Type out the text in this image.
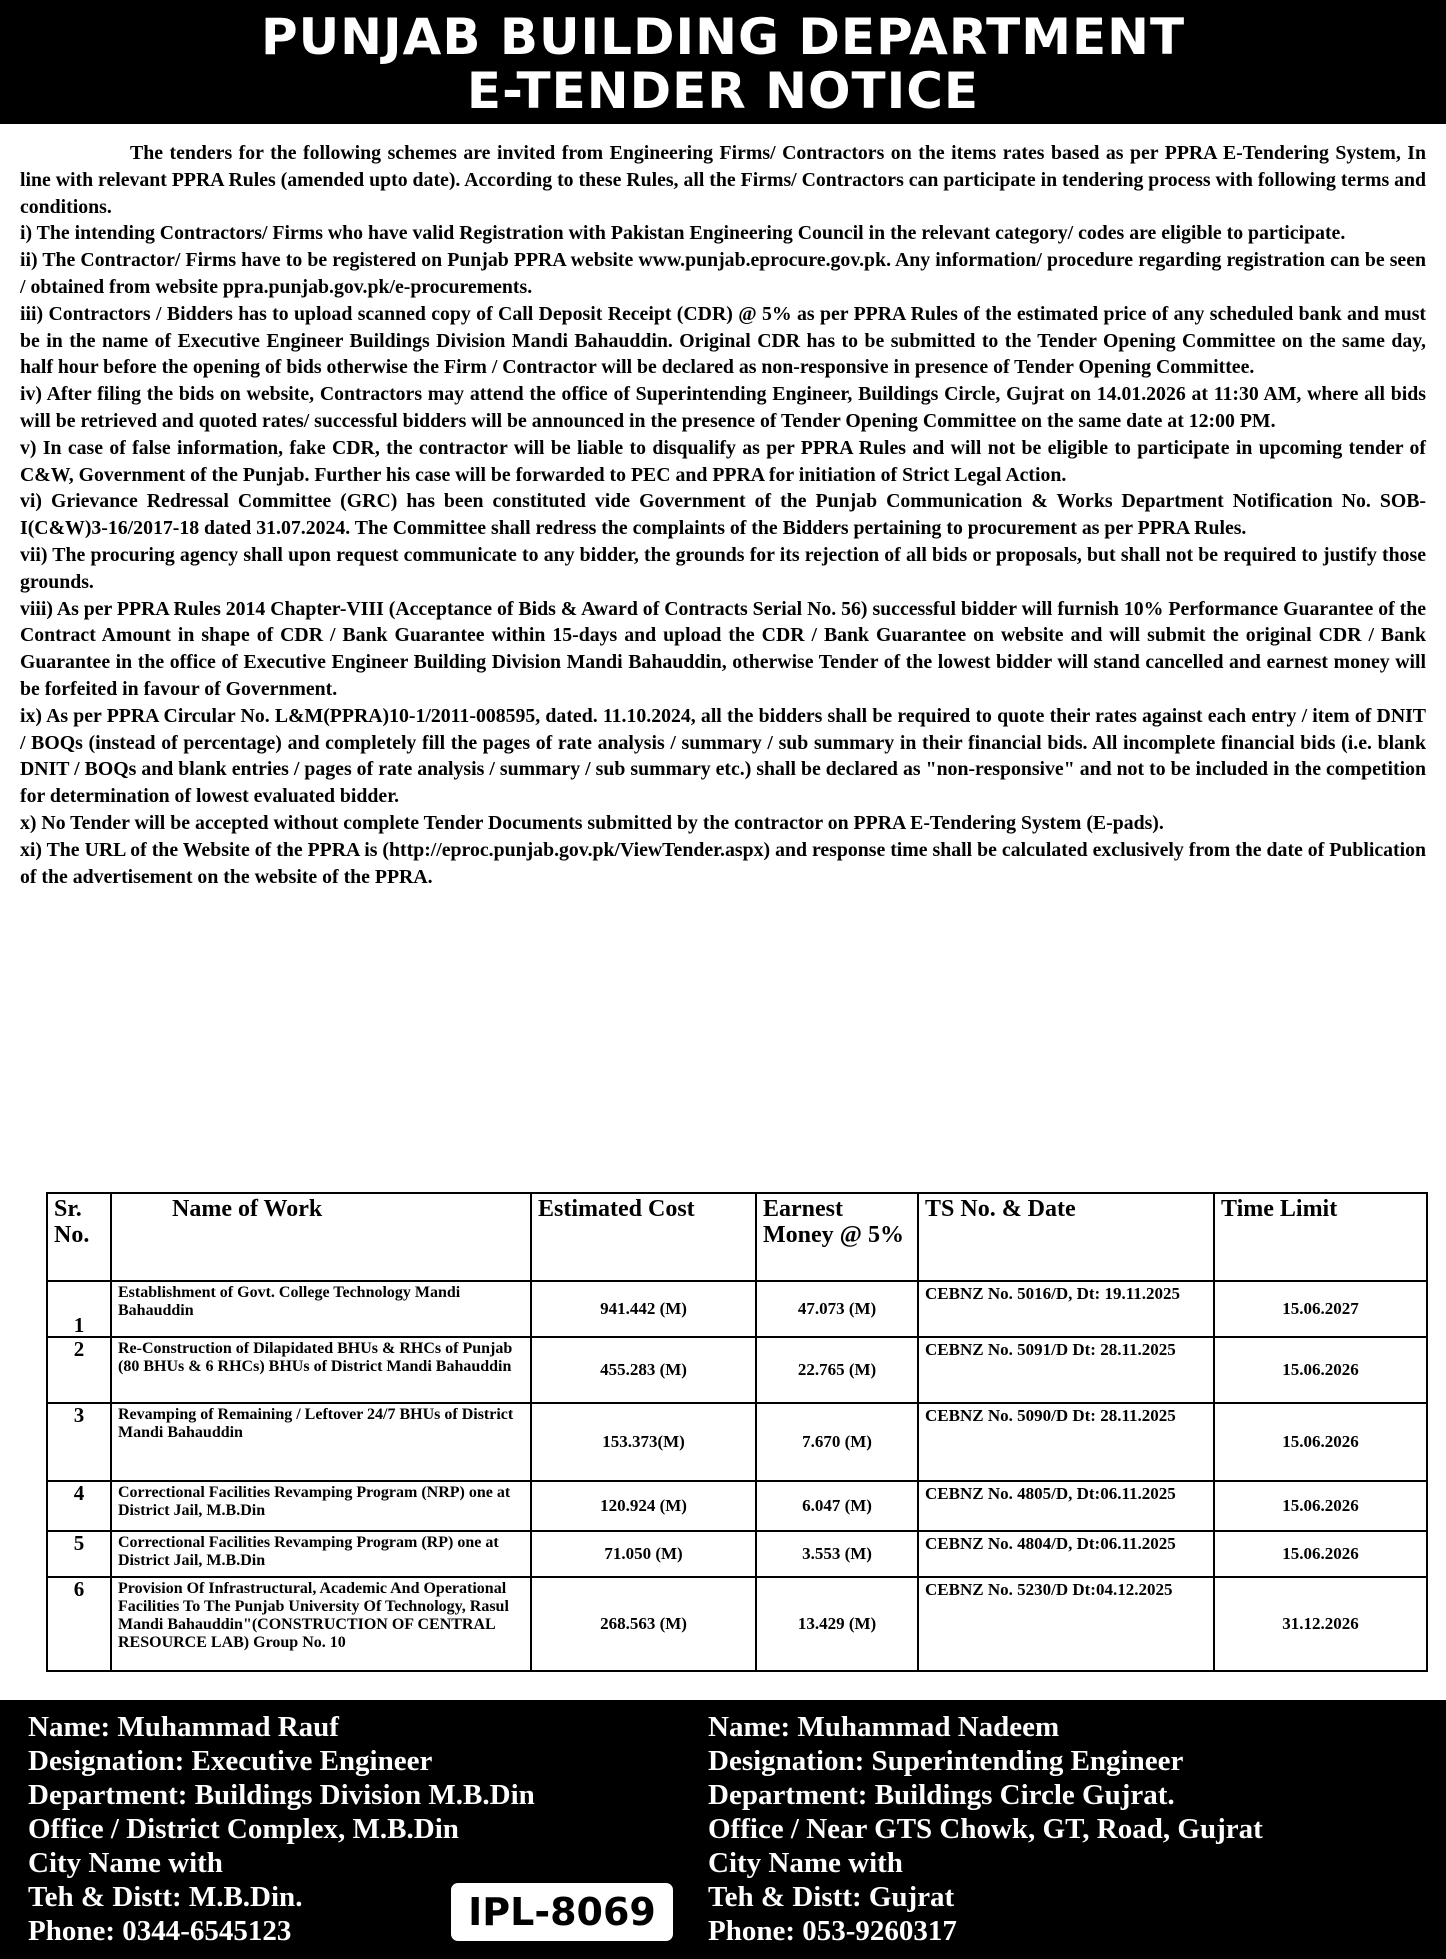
PUNJAB BUILDING DEPARTMENT
E-TENDER NOTICE

The tenders for the following schemes are invited from Engineering Firms/ Contractors on the items rates based as per PPRA E-Tendering System, In line with relevant PPRA Rules (amended upto date). According to these Rules, all the Firms/ Contractors can participate in tendering process with following terms and conditions.

i) The intending Contractors/ Firms who have valid Registration with Pakistan Engineering Council in the relevant category/ codes are eligible to participate.

ii) The Contractor/ Firms have to be registered on Punjab PPRA website www.punjab.eprocure.gov.pk. Any information/ procedure regarding registration can be seen / obtained from website ppra.punjab.gov.pk/e-procurements.

iii) Contractors / Bidders has to upload scanned copy of Call Deposit Receipt (CDR) @ 5% as per PPRA Rules of the estimated price of any scheduled bank and must be in the name of Executive Engineer Buildings Division Mandi Bahauddin. Original CDR has to be submitted to the Tender Opening Committee on the same day, half hour before the opening of bids otherwise the Firm / Contractor will be declared as non-responsive in presence of Tender Opening Committee.

iv) After filing the bids on website, Contractors may attend the office of Superintending Engineer, Buildings Circle, Gujrat on 14.01.2026 at 11:30 AM, where all bids will be retrieved and quoted rates/ successful bidders will be announced in the presence of Tender Opening Committee on the same date at 12:00 PM.

v) In case of false information, fake CDR, the contractor will be liable to disqualify as per PPRA Rules and will not be eligible to participate in upcoming tender of C&W, Government of the Punjab. Further his case will be forwarded to PEC and PPRA for initiation of Strict Legal Action.

vi) Grievance Redressal Committee (GRC) has been constituted vide Government of the Punjab Communication & Works Department Notification No. SOB-I(C&W)3-16/2017-18 dated 31.07.2024. The Committee shall redress the complaints of the Bidders pertaining to procurement as per PPRA Rules.

vii) The procuring agency shall upon request communicate to any bidder, the grounds for its rejection of all bids or proposals, but shall not be required to justify those grounds.

viii) As per PPRA Rules 2014 Chapter-VIII (Acceptance of Bids & Award of Contracts Serial No. 56) successful bidder will furnish 10% Performance Guarantee of the Contract Amount in shape of CDR / Bank Guarantee within 15-days and upload the CDR / Bank Guarantee on website and will submit the original CDR / Bank Guarantee in the office of Executive Engineer Building Division Mandi Bahauddin, otherwise Tender of the lowest bidder will stand cancelled and earnest money will be forfeited in favour of Government.

ix) As per PPRA Circular No. L&M(PPRA)10-1/2011-008595, dated. 11.10.2024, all the bidders shall be required to quote their rates against each entry / item of DNIT / BOQs (instead of percentage) and completely fill the pages of rate analysis / summary / sub summary in their financial bids. All incomplete financial bids (i.e. blank DNIT / BOQs and blank entries / pages of rate analysis / summary / sub summary etc.) shall be declared as "non-responsive" and not to be included in the competition for determination of lowest evaluated bidder.

x) No Tender will be accepted without complete Tender Documents submitted by the contractor on PPRA E-Tendering System (E-pads).

xi) The URL of the Website of the PPRA is (http://eproc.punjab.gov.pk/ViewTender.aspx) and response time shall be calculated exclusively from the date of Publication of the advertisement on the website of the PPRA.

Sr. No.	Name of Work	Estimated Cost	Earnest Money @ 5%	TS No. & Date	Time Limit
1	Establishment of Govt. College Technology Mandi Bahauddin	941.442 (M)	47.073 (M)	CEBNZ No. 5016/D, Dt: 19.11.2025	15.06.2027
2	Re-Construction of Dilapidated BHUs & RHCs of Punjab (80 BHUs & 6 RHCs) BHUs of District Mandi Bahauddin	455.283 (M)	22.765 (M)	CEBNZ No. 5091/D Dt: 28.11.2025	15.06.2026
3	Revamping of Remaining / Leftover 24/7 BHUs of District Mandi Bahauddin	153.373(M)	7.670 (M)	CEBNZ No. 5090/D Dt: 28.11.2025	15.06.2026
4	Correctional Facilities Revamping Program (NRP) one at District Jail, M.B.Din	120.924 (M)	6.047 (M)	CEBNZ No. 4805/D, Dt:06.11.2025	15.06.2026
5	Correctional Facilities Revamping Program (RP) one at District Jail, M.B.Din	71.050 (M)	3.553 (M)	CEBNZ No. 4804/D, Dt:06.11.2025	15.06.2026
6	Provision Of Infrastructural, Academic And Operational Facilities To The Punjab University Of Technology, Rasul Mandi Bahauddin"(CONSTRUCTION OF CENTRAL RESOURCE LAB) Group No. 10	268.563 (M)	13.429 (M)	CEBNZ No. 5230/D Dt:04.12.2025	31.12.2026
Name: Muhammad Rauf
Designation: Executive Engineer
Department: Buildings Division M.B.Din
Office / District Complex, M.B.Din
City Name with
Teh & Distt: M.B.Din.
Phone: 0344-6545123	IPL-8069
Name: Muhammad Nadeem
Designation: Superintending Engineer
Department: Buildings Circle Gujrat.
Office / Near GTS Chowk, GT, Road, Gujrat
City Name with
Teh & Distt: Gujrat
Phone: 053-9260317
